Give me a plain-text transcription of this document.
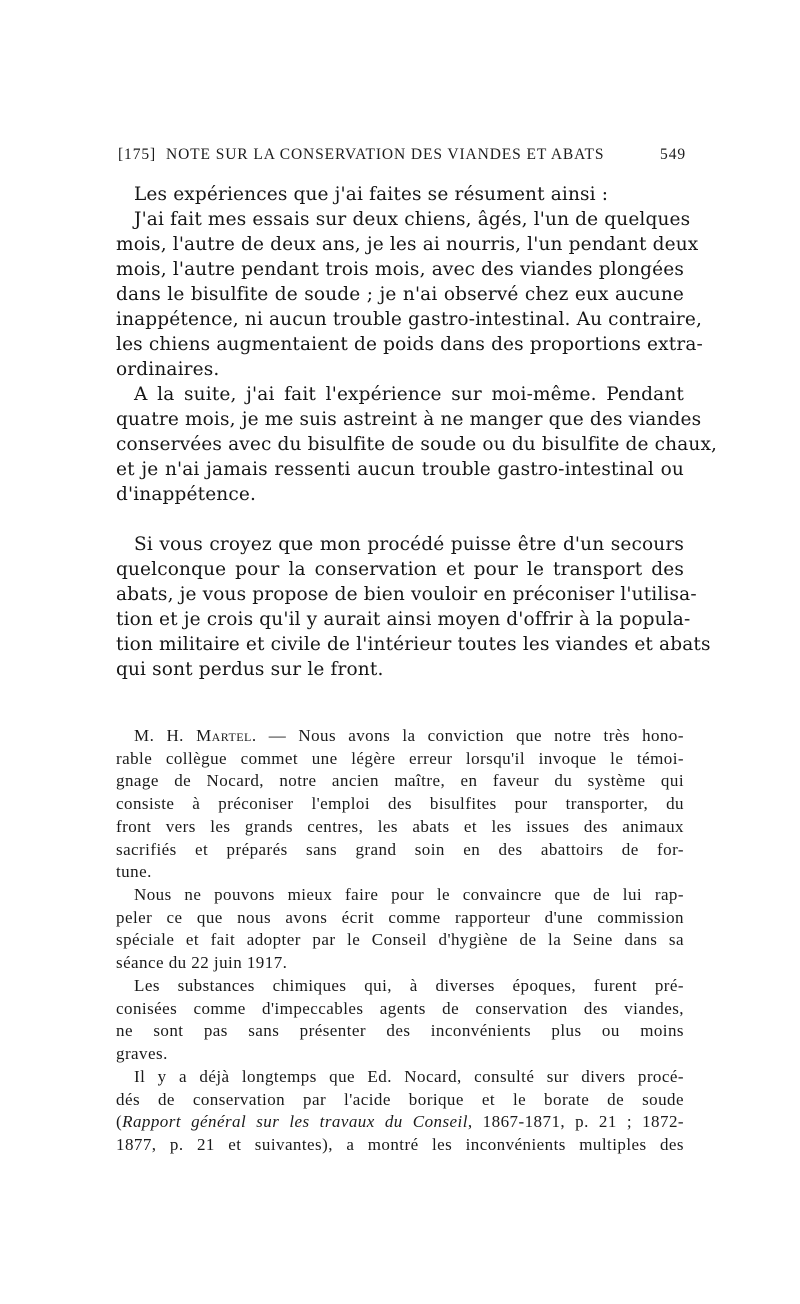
[175] NOTE SUR LA CONSERVATION DES VIANDES ET ABATS	549
Les expériences que j'ai faites se résument ainsi :
J'ai fait mes essais sur deux chiens, âgés, l'un de quelques
mois, l'autre de deux ans, je les ai nourris, l'un pendant deux
mois, l'autre pendant trois mois, avec des viandes plongées
dans le bisulfite de soude ; je n'ai observé chez eux aucune
inappétence, ni aucun trouble gastro-intestinal. Au contraire,
les chiens augmentaient de poids dans des proportions extra-
ordinaires.
A la suite, j'ai fait l'expérience sur moi-même. Pendant
quatre mois, je me suis astreint à ne manger que des viandes
conservées avec du bisulfite de soude ou du bisulfite de chaux,
et je n'ai jamais ressenti aucun trouble gastro-intestinal ou
d'inappétence.
Si vous croyez que mon procédé puisse être d'un secours
quelconque pour la conservation et pour le transport des
abats, je vous propose de bien vouloir en préconiser l'utilisa-
tion et je crois qu'il y aurait ainsi moyen d'offrir à la popula-
tion militaire et civile de l'intérieur toutes les viandes et abats
qui sont perdus sur le front.
M. H. Martel. — Nous avons la conviction que notre très hono-
rable collègue commet une légère erreur lorsqu'il invoque le témoi-
gnage de Nocard, notre ancien maître, en faveur du système qui
consiste à préconiser l'emploi des bisulfites pour transporter, du
front vers les grands centres, les abats et les issues des animaux
sacrifiés et préparés sans grand soin en des abattoirs de for-
tune.
Nous ne pouvons mieux faire pour le convaincre que de lui rap-
peler ce que nous avons écrit comme rapporteur d'une commission
spéciale et fait adopter par le Conseil d'hygiène de la Seine dans sa
séance du 22 juin 1917.
Les substances chimiques qui, à diverses époques, furent pré-
conisées comme d'impeccables agents de conservation des viandes,
ne sont pas sans présenter des inconvénients plus ou moins
graves.
Il y a déjà longtemps que Ed. Nocard, consulté sur divers procé-
dés de conservation par l'acide borique et le borate de soude
(Rapport général sur les travaux du Conseil, 1867-1871, p. 21 ; 1872-
1877, p. 21 et suivantes), a montré les inconvénients multiples des
